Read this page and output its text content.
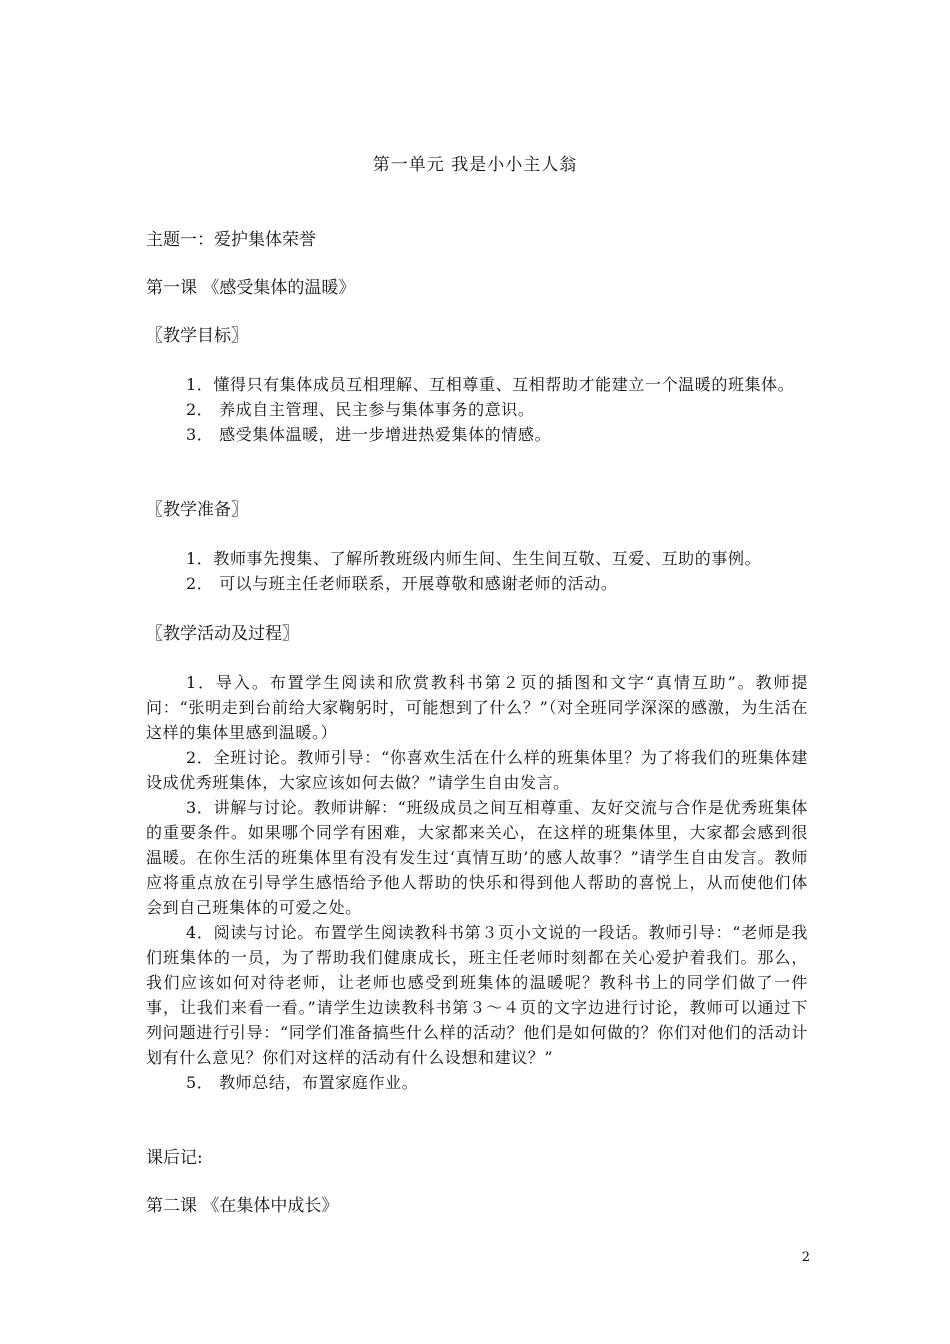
第一单元 我是小小主人翁
主题一：爱护集体荣誉
第一课 《感受集体的温暖》
〖教学目标〗

1．懂得只有集体成员互相理解、互相尊重、互相帮助才能建立一个温暖的班集体。

2． 养成自主管理、民主参与集体事务的意识。

3． 感受集体温暖，进一步增进热爱集体的情感。

〖教学准备〗

1．教师事先搜集、了解所教班级内师生间、生生间互敬、互爱、互助的事例。

2． 可以与班主任老师联系，开展尊敬和感谢老师的活动。

〖教学活动及过程〗

1．导入。布置学生阅读和欣赏教科书第２页的插图和文字“真情互助”。教师提问：“张明走到台前给大家鞠躬时，可能想到了什么？”（对全班同学深深的感激，为生活在这样的集体里感到温暖。）

2．全班讨论。教师引导：“你喜欢生活在什么样的班集体里？为了将我们的班集体建设成优秀班集体，大家应该如何去做？”请学生自由发言。

3．讲解与讨论。教师讲解：“班级成员之间互相尊重、友好交流与合作是优秀班集体的重要条件。如果哪个同学有困难，大家都来关心，在这样的班集体里，大家都会感到很温暖。在你生活的班集体里有没有发生过‘真情互助’的感人故事？”请学生自由发言。教师应将重点放在引导学生感悟给予他人帮助的快乐和得到他人帮助的喜悦上，从而使他们体会到自己班集体的可爱之处。

4．阅读与讨论。布置学生阅读教科书第３页小文说的一段话。教师引导：“老师是我们班集体的一员，为了帮助我们健康成长，班主任老师时刻都在关心爱护着我们。那么，我们应该如何对待老师，让老师也感受到班集体的温暖呢？教科书上的同学们做了一件事，让我们来看一看。”请学生边读教科书第３～４页的文字边进行讨论，教师可以通过下列问题进行引导：“同学们准备搞些什么样的活动？他们是如何做的？你们对他们的活动计划有什么意见？你们对这样的活动有什么设想和建议？”

5． 教师总结，布置家庭作业。

课后记:
第二课 《在集体中成长》
2
